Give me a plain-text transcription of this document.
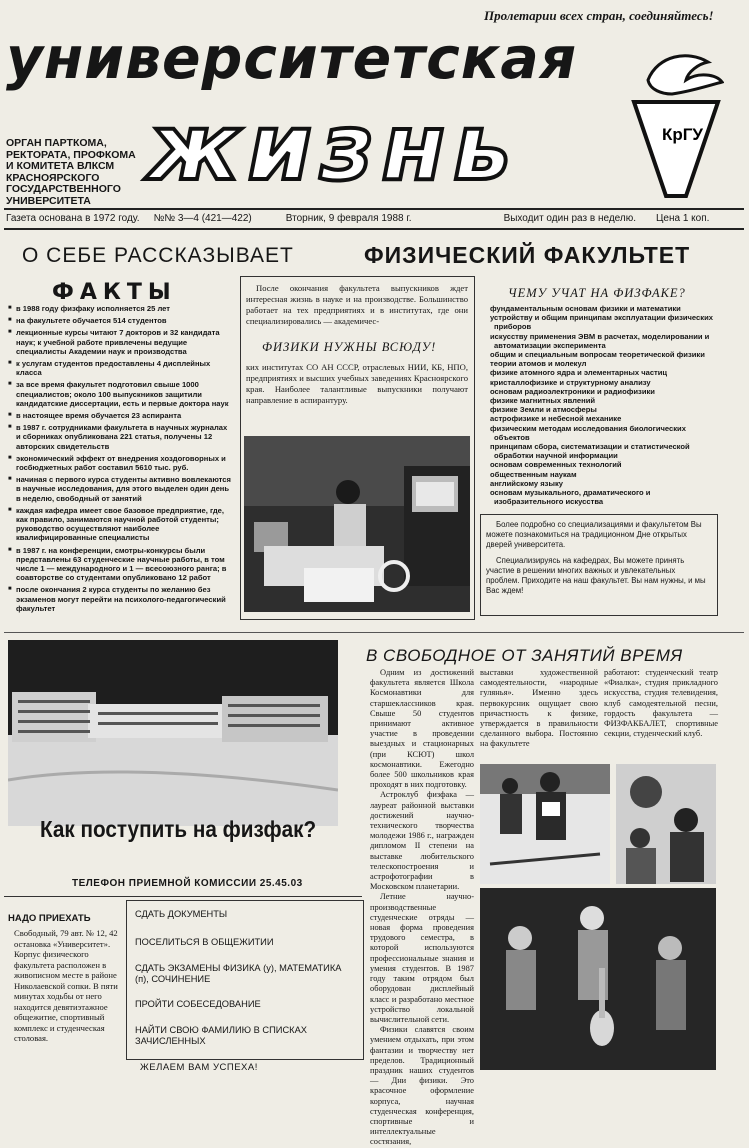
Пролетарии всех стран, соединяйтесь!
университетская
жизнь
ОРГАН ПАРТКОМА, РЕКТОРАТА, ПРОФКОМА И КОМИТЕТА ВЛКСМ КРАСНОЯРСКОГО ГОСУДАРСТВЕННОГО УНИВЕРСИТЕТА
КрГУ
Газета основана в 1972 году. №№ 3—4 (421—422)	Вторник, 9 февраля 1988 г.	Выходит один раз в неделю. Цена 1 коп.
О СЕБЕ РАССКАЗЫВАЕТ	ФИЗИЧЕСКИЙ ФАКУЛЬТЕТ
ФАКТЫ
■ в 1988 году физфаку исполняется 25 лет
■ на факультете обучается 514 студентов
■ лекционные курсы читают 7 докторов и 32 кандидата наук; к учебной работе привлечены ведущие специалисты Академии наук и производства
■ к услугам студентов предоставлены 4 дисплейных класса
■ за все время факультет подготовил свыше 1000 специалистов; около 100 выпускников защитили кандидатские диссертации, есть и первые доктора наук
■ в настоящее время обучается 23 аспиранта
■ в 1987 г. сотрудниками факультета в научных журналах и сборниках опубликована 221 статья, получены 12 авторских свидетельств
■ экономический эффект от внедрения хоздоговорных и госбюджетных работ составил 5610 тыс. руб.
■ начиная с первого курса студенты активно вовлекаются в научные исследования, для этого выделен один день в неделю, свободный от занятий
■ каждая кафедра имеет свое базовое предприятие, где, как правило, занимаются научной работой студенты; руководство осуществляют наиболее квалифицированные специалисты
■ в 1987 г. на конференции, смотры-конкурсы были представлены 63 студенческие научные работы, в том числе 1 — международного и 1 — всесоюзного ранга; в соавторстве со студентами опубликовано 12 работ
■ после окончания 2 курса студенты по желанию без экзаменов могут перейти на психолого-педагогический факультет

После окончания факультета выпускников ждет интересная жизнь в науке и на производстве. Большинство работает на тех предприятиях и в институтах, где они специализировались — академичес-

ФИЗИКИ НУЖНЫ ВСЮДУ!

ких институтах СО АН СССР, отраслевых НИИ, КБ, НПО, предприятиях и высших учебных заведениях Красноярского края. Наиболее талантливые выпускники получают направление в аспирантуру.

ЧЕМУ УЧАТ НА ФИЗФАКЕ?
фундаментальным основам физики и математики
устройству и общим принципам эксплуатации физических приборов
искусству применения ЭВМ в расчетах, моделировании и автоматизации эксперимента
общим и специальным вопросам теоретической физики
теории атомов и молекул
физике атомного ядра и элементарных частиц
кристаллофизике и структурному анализу
основам радиоэлектроники и радиофизики
физике магнитных явлений
физике Земли и атмосферы
астрофизике и небесной механике
физическим методам исследования биологических объектов
принципам сбора, систематизации и статистической обработки научной информации
основам современных технологий
общественным наукам
английскому языку
основам музыкального, драматического и изобразительного искусства

Более подробно со специализациями и факультетом Вы можете познакомиться на традиционном Дне открытых дверей университета.

Специализируясь на кафедрах, Вы можете принять участие в решении многих важных и увлекательных проблем. Приходите на наш факультет. Вы нам нужны, и мы Вас ждем!

Как поступить на физфак?
ТЕЛЕФОН ПРИЕМНОЙ КОМИССИИ 25.45.03
НАДО ПРИЕХАТЬ

Свободный, 79 авт. № 12, 42 остановка «Университет». Корпус физического факультета расположен в живописном месте в районе Николаевской сопки. В пяти минутах ходьбы от него находится девятиэтажное общежитие, спортивный комплекс и студенческая столовая.

СДАТЬ ДОКУМЕНТЫ
ПОСЕЛИТЬСЯ В ОБЩЕЖИТИИ
СДАТЬ ЭКЗАМЕНЫ ФИЗИКА (у), МАТЕМАТИКА (п), СОЧИНЕНИЕ
ПРОЙТИ СОБЕСЕДОВАНИЕ
НАЙТИ СВОЮ ФАМИЛИЮ В СПИСКАХ ЗАЧИСЛЕННЫХ
ЖЕЛАЕМ ВАМ УСПЕХА!
В СВОБОДНОЕ ОТ ЗАНЯТИЙ ВРЕМЯ

Одним из достижений факультета является Школа Космонавтики для старшеклассников края. Свыше 50 студентов принимают активное участие в проведении выездных и стационарных (при КСЮТ) школ космонавтики. Ежегодно более 500 школьников края проходят в них подготовку.

Астроклуб физфака — лауреат районной выставки достижений научно-технического творчества молодежи 1986 г., награжден дипломом II степени на выставке любительского телескопостроения и астрофотографии в Московском планетарии.

Летние научно-производственные студенческие отряды — новая форма проведения трудового семестра, в которой используются профессиональные знания и умения студентов. В 1987 году таким отрядом был оборудован дисплейный класс и разработано местное устройство локальной вычислительной сети.

Физики славятся своим умением отдыхать, при этом фантазии и творчеству нет пределов. Традиционный праздник наших студентов — Дни физики. Это красочное оформление корпуса, научная студенческая конференция, спортивные и интеллектуальные состязания,

выставки художественной самодеятельности, «народные гулянья». Именно здесь первокурсник ощущает свою причастность к физике, утверждается в правильности сделанного выбора. Постоянно на факультете

работают: студенческий театр «Фиалка», студия прикладного искусства, студия телевидения, клуб самодеятельной песни, гордость факультета — ФИЗФАКБАЛЕТ, спортивные секции, студенческий клуб.
